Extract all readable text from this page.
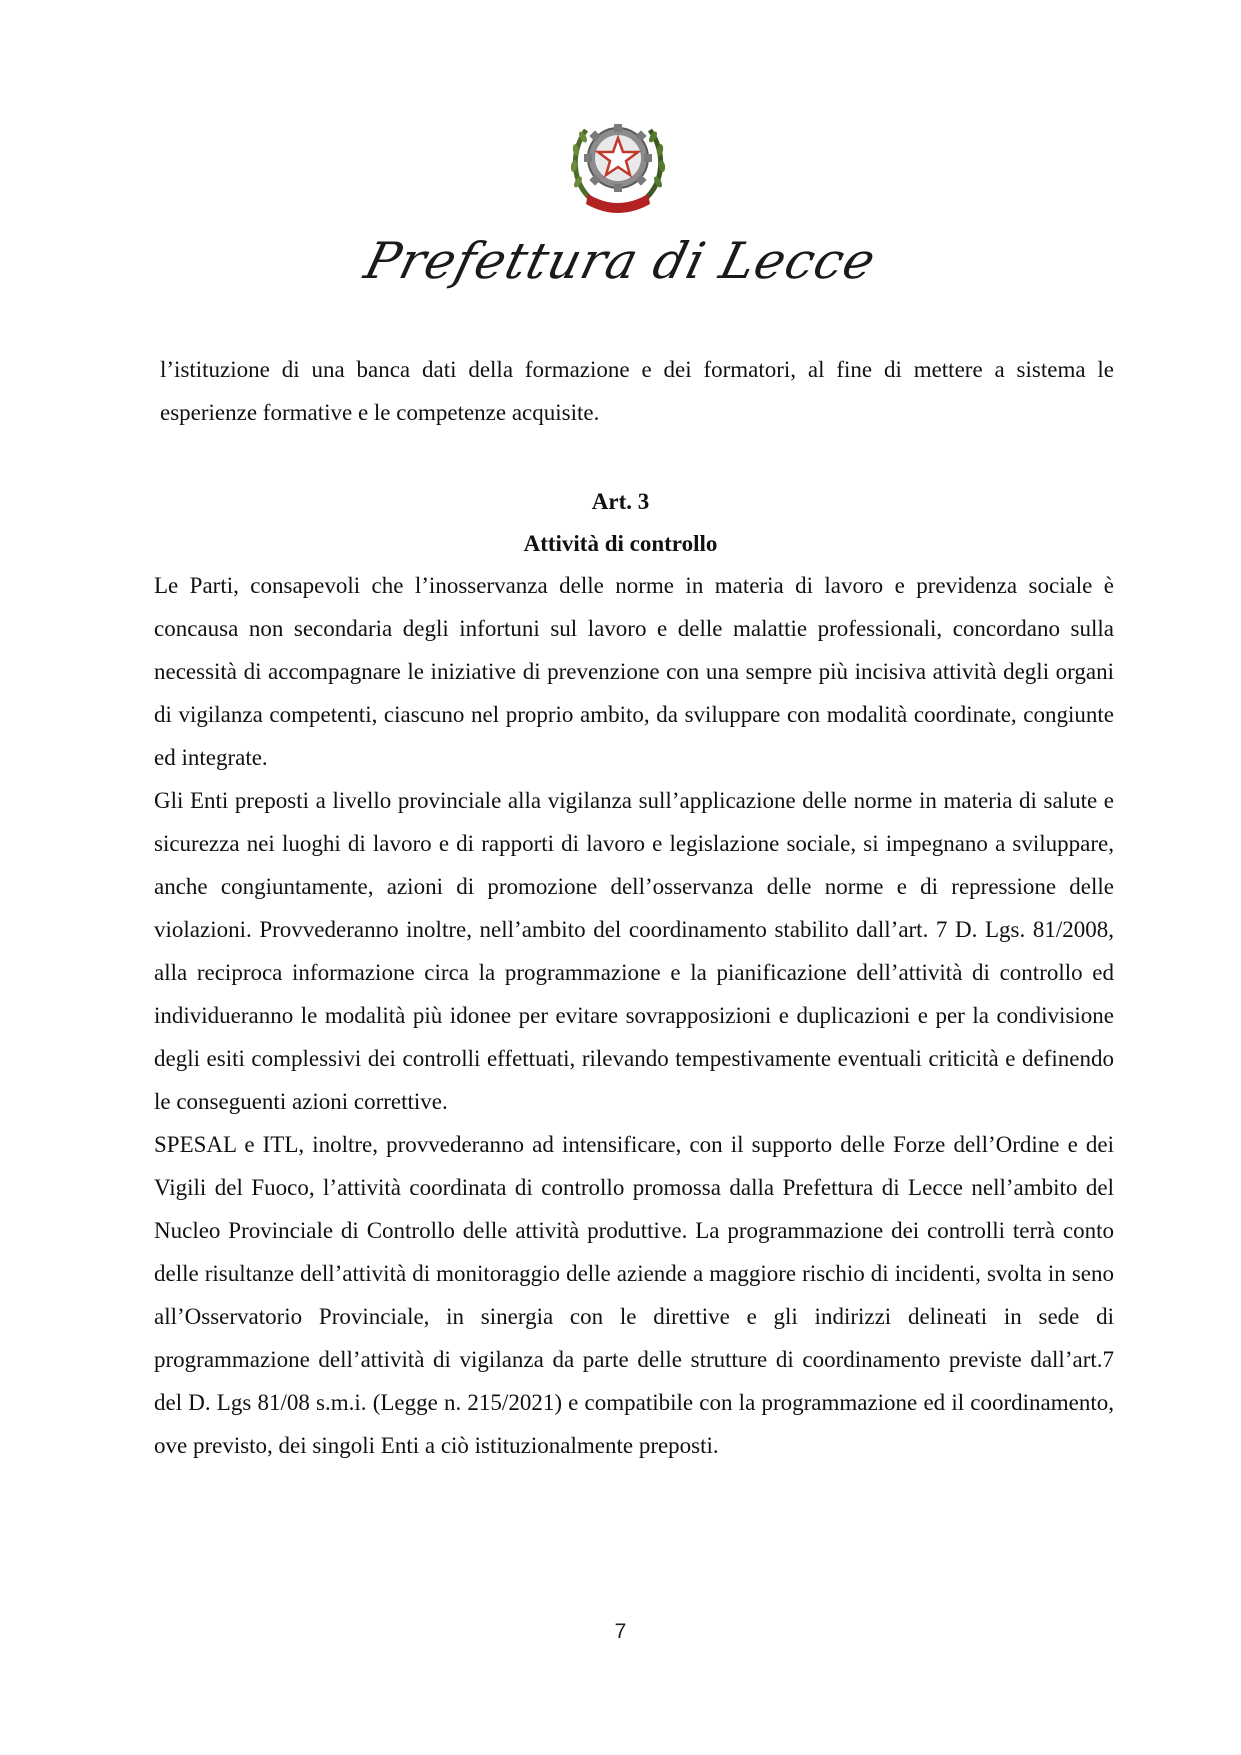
Prefettura di Lecce

l’istituzione di una banca dati della formazione e dei formatori, al fine di mettere a sistema le esperienze formative e le competenze acquisite.

Art. 3
Attività di controllo

Le Parti, consapevoli che l’inosservanza delle norme in materia di lavoro e previdenza sociale è concausa non secondaria degli infortuni sul lavoro e delle malattie professionali, concordano sulla necessità di accompagnare le iniziative di prevenzione con una sempre più incisiva attività degli organi di vigilanza competenti, ciascuno nel proprio ambito, da sviluppare con modalità coordinate, congiunte ed integrate.

Gli Enti preposti a livello provinciale alla vigilanza sull’applicazione delle norme in materia di salute e sicurezza nei luoghi di lavoro e di rapporti di lavoro e legislazione sociale, si impegnano a sviluppare, anche congiuntamente, azioni di promozione dell’osservanza delle norme e di repressione delle violazioni. Provvederanno inoltre, nell’ambito del coordinamento stabilito dall’art. 7 D. Lgs. 81/2008, alla reciproca informazione circa la programmazione e la pianificazione dell’attività di controllo ed individueranno le modalità più idonee per evitare sovrapposizioni e duplicazioni e per la condivisione degli esiti complessivi dei controlli effettuati, rilevando tempestivamente eventuali criticità e definendo le conseguenti azioni correttive.

SPESAL e ITL, inoltre, provvederanno ad intensificare, con il supporto delle Forze dell’Ordine e dei Vigili del Fuoco, l’attività coordinata di controllo promossa dalla Prefettura di Lecce nell’ambito del Nucleo Provinciale di Controllo delle attività produttive. La programmazione dei controlli terrà conto delle risultanze dell’attività di monitoraggio delle aziende a maggiore rischio di incidenti, svolta in seno all’Osservatorio Provinciale, in sinergia con le direttive e gli indirizzi delineati in sede di programmazione dell’attività di vigilanza da parte delle strutture di coordinamento previste dall’art.7 del D. Lgs 81/08 s.m.i. (Legge n. 215/2021) e compatibile con la programmazione ed il coordinamento, ove previsto, dei singoli Enti a ciò istituzionalmente preposti.

7
